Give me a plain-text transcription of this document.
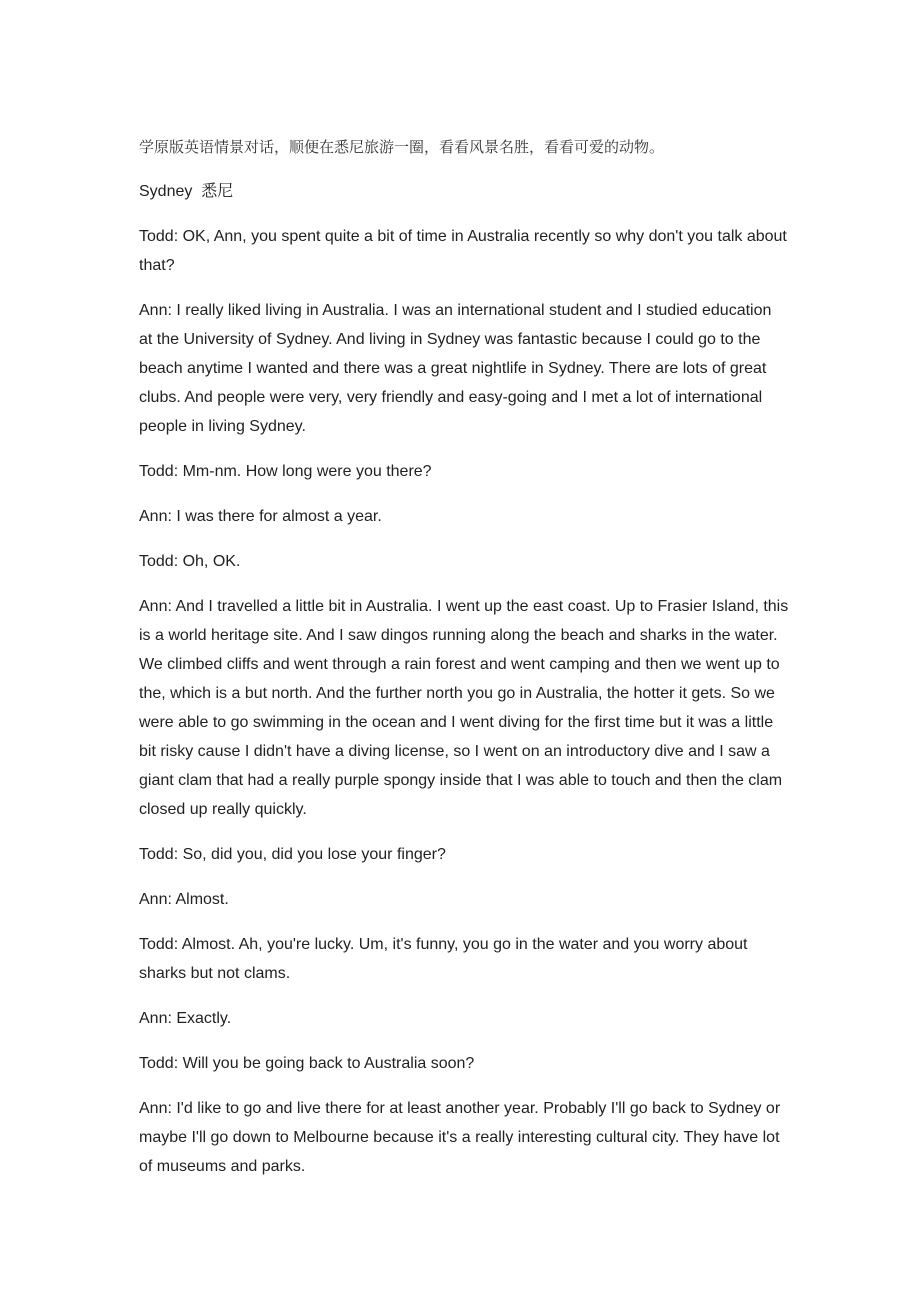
学原版英语情景对话，顺便在悉尼旅游一圈，看看风景名胜，看看可爱的动物。

Sydney  悉尼

Todd: OK, Ann, you spent quite a bit of time in Australia recently so why don't you talk about that?

Ann: I really liked living in Australia. I was an international student and I studied education at the University of Sydney. And living in Sydney was fantastic because I could go to the beach anytime I wanted and there was a great nightlife in Sydney. There are lots of great clubs. And people were very, very friendly and easy-going and I met a lot of international people in living Sydney.

Todd: Mm-nm. How long were you there?

Ann: I was there for almost a year.

Todd: Oh, OK.

Ann: And I travelled a little bit in Australia. I went up the east coast. Up to Frasier Island, this is a world heritage site. And I saw dingos running along the beach and sharks in the water. We climbed cliffs and went through a rain forest and went camping and then we went up to the, which is a but north. And the further north you go in Australia, the hotter it gets. So we were able to go swimming in the ocean and I went diving for the first time but it was a little bit risky cause I didn't have a diving license, so I went on an introductory dive and I saw a giant clam that had a really purple spongy inside that I was able to touch and then the clam closed up really quickly.

Todd: So, did you, did you lose your finger?

Ann: Almost.

Todd: Almost. Ah, you're lucky. Um, it's funny, you go in the water and you worry about sharks but not clams.

Ann: Exactly.

Todd: Will you be going back to Australia soon?

Ann: I'd like to go and live there for at least another year. Probably I'll go back to Sydney or maybe I'll go down to Melbourne because it's a really interesting cultural city. They have lot of museums and parks.
